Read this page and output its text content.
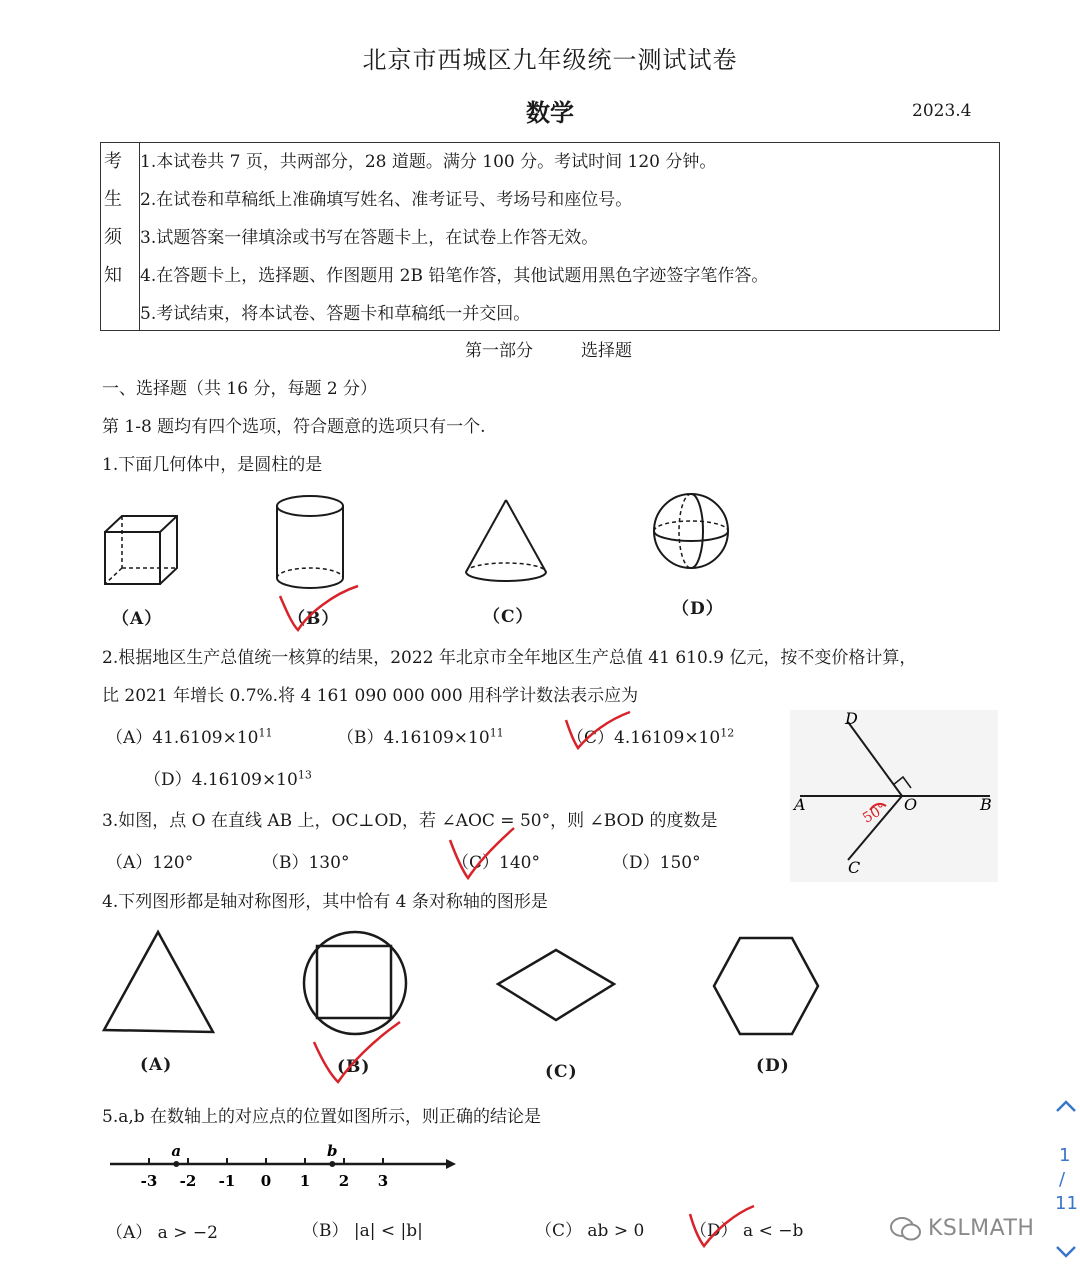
北京市西城区九年级统一测试试卷
数学	2023.4
考
生
须
知
1.本试卷共 7 页，共两部分，28 道题。满分 100 分。考试时间 120 分钟。
2.在试卷和草稿纸上准确填写姓名、准考证号、考场号和座位号。
3.试题答案一律填涂或书写在答题卡上，在试卷上作答无效。
4.在答题卡上，选择题、作图题用 2B 铅笔作答，其他试题用黑色字迹签字笔作答。
5.考试结束，将本试卷、答题卡和草稿纸一并交回。
第一部分	选择题
一、选择题（共 16 分，每题 2 分）
第 1-8 题均有四个选项，符合题意的选项只有一个.
1.下面几何体中，是圆柱的是
（A）	（B）	（C）	（D）
2.根据地区生产总值统一核算的结果，2022 年北京市全年地区生产总值 41 610.9 亿元，按不变价格计算，
比 2021 年增长 0.7%.将 4 161 090 000 000 用科学计数法表示应为
$(A)41.6109\times 10^{11}$	$(B)4.16109\times 10^{11}$	$(C)4.16109\times 10^{12}$
$(D)4.16109\times 10^{13}$
D
A	O	B
C
50°
3.如图，点 O 在直线 AB 上，OC⊥OD，若 ∠AOC = 50°，则 ∠BOD 的度数是
（A）120°	（B）130°	（C）140°	（D）150°
4.下列图形都是轴对称图形，其中恰有 4 条对称轴的图形是
(A)	(B)	(C)	(D)
5.a,b 在数轴上的对应点的位置如图所示，则正确的结论是
-3 -2 -1 0 1 2 3
a	b
（A） a > −2	（B） |a| < |b|	（C） ab > 0	（D） a < −b
1
/
11
KSLMATH
